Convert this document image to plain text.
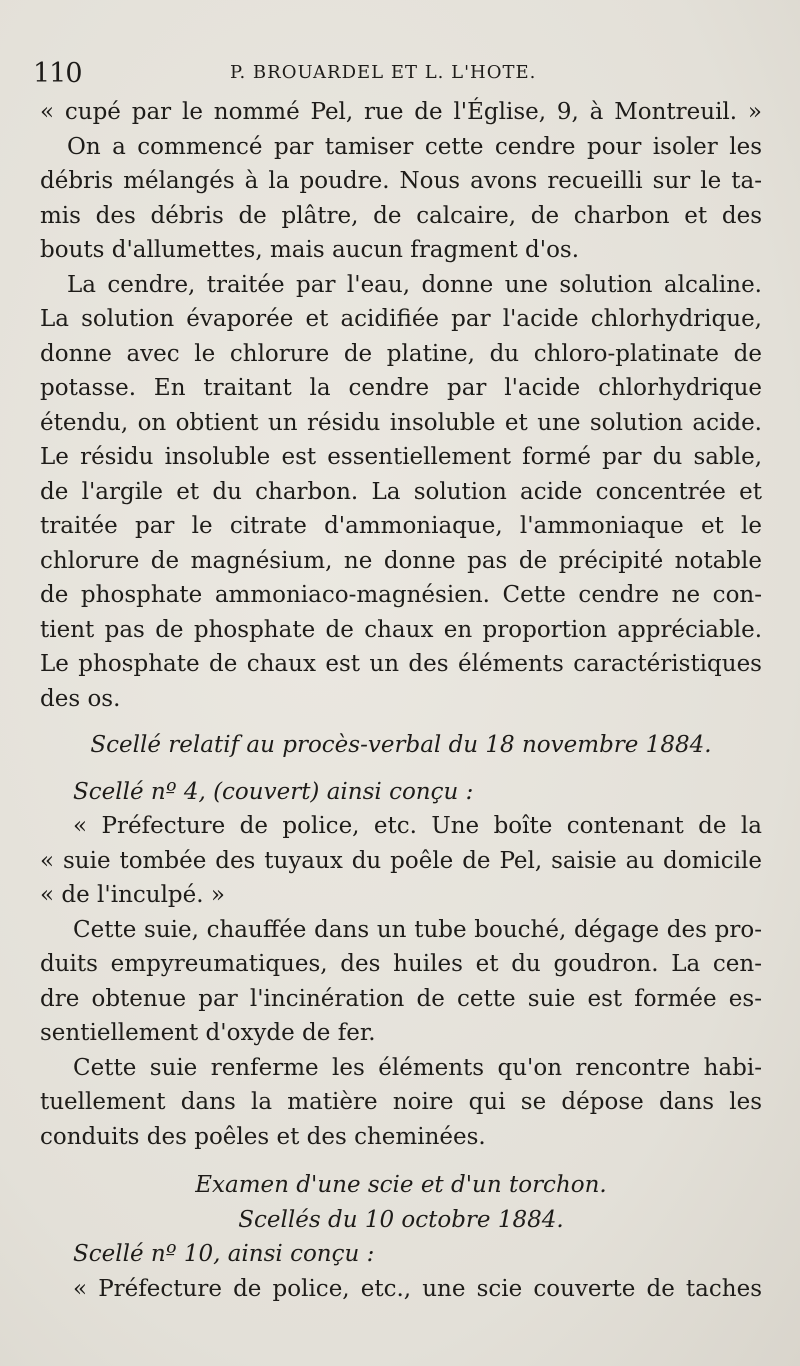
110	P. BROUARDEL ET L. L'HOTE.
« cupé par le nommé Pel, rue de l'Église, 9, à Montreuil. »
On a commencé par tamiser cette cendre pour isoler les
débris mélangés à la poudre. Nous avons recueilli sur le ta-
mis des débris de plâtre, de calcaire, de charbon et des
bouts d'allumettes, mais aucun fragment d'os.
La cendre, traitée par l'eau, donne une solution alcaline.
La solution évaporée et acidifiée par l'acide chlorhydrique,
donne avec le chlorure de platine, du chloro-platinate de
potasse. En traitant la cendre par l'acide chlorhydrique
étendu, on obtient un résidu insoluble et une solution acide.
Le résidu insoluble est essentiellement formé par du sable,
de l'argile et du charbon. La solution acide concentrée et
traitée par le citrate d'ammoniaque, l'ammoniaque et le
chlorure de magnésium, ne donne pas de précipité notable
de phosphate ammoniaco-magnésien. Cette cendre ne con-
tient pas de phosphate de chaux en proportion appréciable.
Le phosphate de chaux est un des éléments caractéristiques
des os.
Scellé relatif au procès-verbal du 18 novembre 1884.
Scellé nº 4, (couvert) ainsi conçu :
« Préfecture de police, etc. Une boîte contenant de la
« suie tombée des tuyaux du poêle de Pel, saisie au domicile
« de l'inculpé. »
Cette suie, chauffée dans un tube bouché, dégage des pro-
duits empyreumatiques, des huiles et du goudron. La cen-
dre obtenue par l'incinération de cette suie est formée es-
sentiellement d'oxyde de fer.
Cette suie renferme les éléments qu'on rencontre habi-
tuellement dans la matière noire qui se dépose dans les
conduits des poêles et des cheminées.
Examen d'une scie et d'un torchon.
Scellés du 10 octobre 1884.
Scellé nº 10, ainsi conçu :
« Préfecture de police, etc., une scie couverte de taches
